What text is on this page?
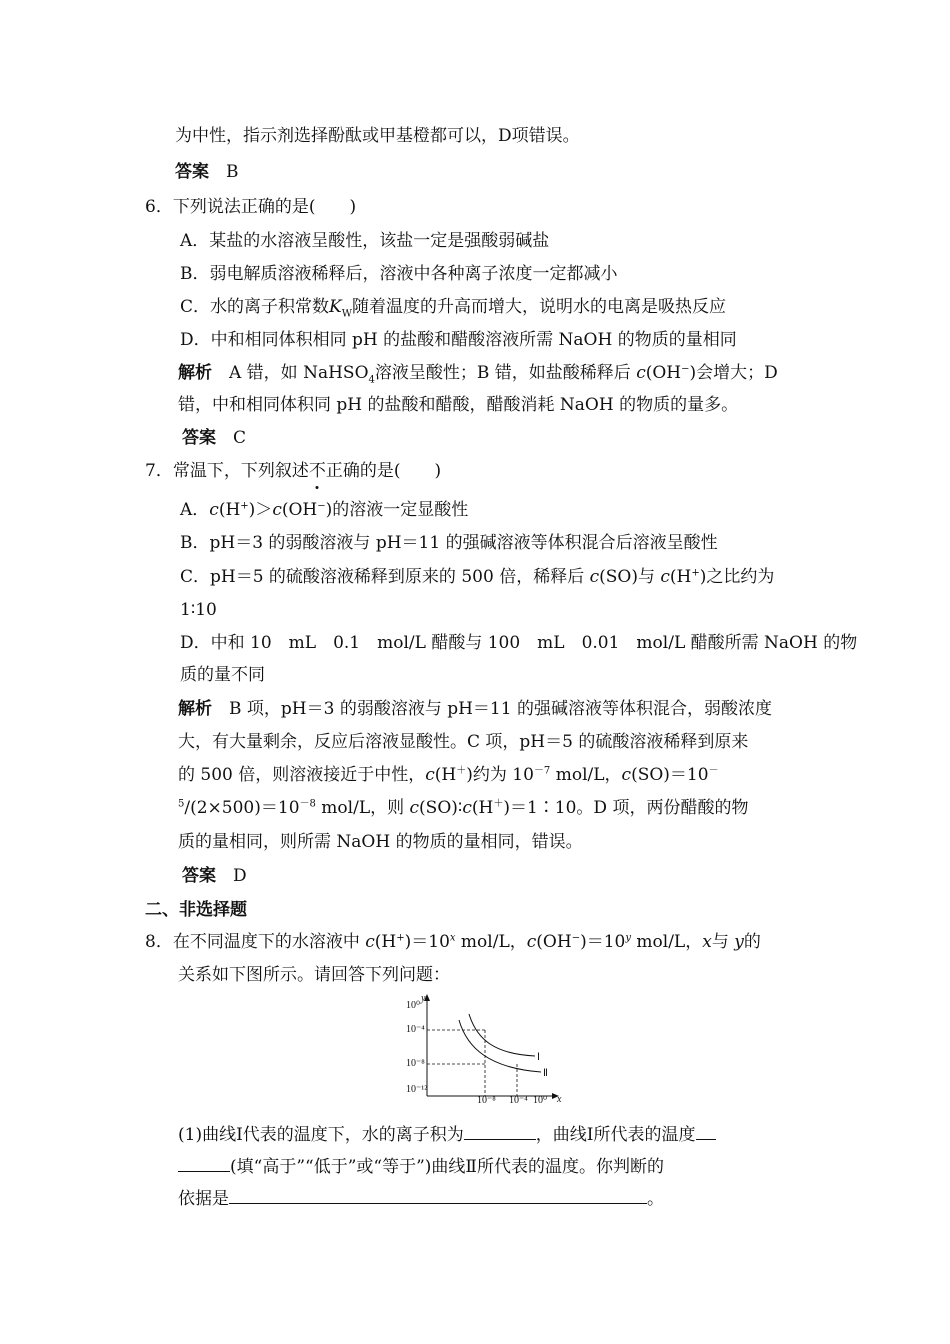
为中性，指示剂选择酚酞或甲基橙都可以，D项错误。
答案　 B
6．下列说法正确的是(　　)
A．某盐的水溶液呈酸性，该盐一定是强酸弱碱盐
B．弱电解质溶液稀释后，溶液中各种离子浓度一定都减小
C．水的离子积常数$K_W$随着温度的升高而增大，说明水的电离是吸热反应
D．中和相同体积相同 pH 的盐酸和醋酸溶液所需 NaOH 的物质的量相同
解析　A 错，如 NaHSO$_4$溶液呈酸性；B 错，如盐酸稀释后 c(OH−)会增大；D
错，中和相同体积同 pH 的盐酸和醋酸，醋酸消耗 NaOH 的物质的量多。
答案　 C
7．常温下，下列叙述不正确的是(　　)
A．c(H+)＞c(OH−)的溶液一定显酸性
B．pH＝3 的弱酸溶液与 pH＝11 的强碱溶液等体积混合后溶液呈酸性
C．pH＝5 的硫酸溶液稀释到原来的 500 倍，稀释后 c(SO)与 c(H+)之比约为
1∶10
D．中和 10　mL　0.1　mol/L 醋酸与 100　mL　0.01　mol/L 醋酸所需 NaOH 的物
质的量不同
解析　B 项，pH＝3 的弱酸溶液与 pH＝11 的强碱溶液等体积混合，弱酸浓度
大，有大量剩余，反应后溶液显酸性。C 项，pH＝5 的硫酸溶液稀释到原来
的 500 倍，则溶液接近于中性，c(H＋)约为 $10^{-7}$ mol/L，c(SO)＝10－
$^5/(2\times 500)=10^{-8}$ mol/L，则 c(SO)∶c(H＋)＝1∶10。D 项，两份醋酸的物
质的量相同，则所需 NaOH 的物质的量相同，错误。
答案　 D
二、非选择题
8．在不同温度下的水溶液中 $c(H^+)=10^x$ mol/L，$c(OH^-)=10^y$ mol/L，x与 y的
关系如下图所示。请回答下列问题：
y
x
10⁰
10⁻⁴
10⁻⁸
10⁻¹²
10⁻⁸ 10⁻⁴ 10⁰
Ⅰ
Ⅱ
(1)曲线Ⅰ代表的温度下，水的离子积为	，曲线Ⅰ所代表的温度
(填“高于”“低于”或“等于”)曲线Ⅱ所代表的温度。你判断的
依据是	。
